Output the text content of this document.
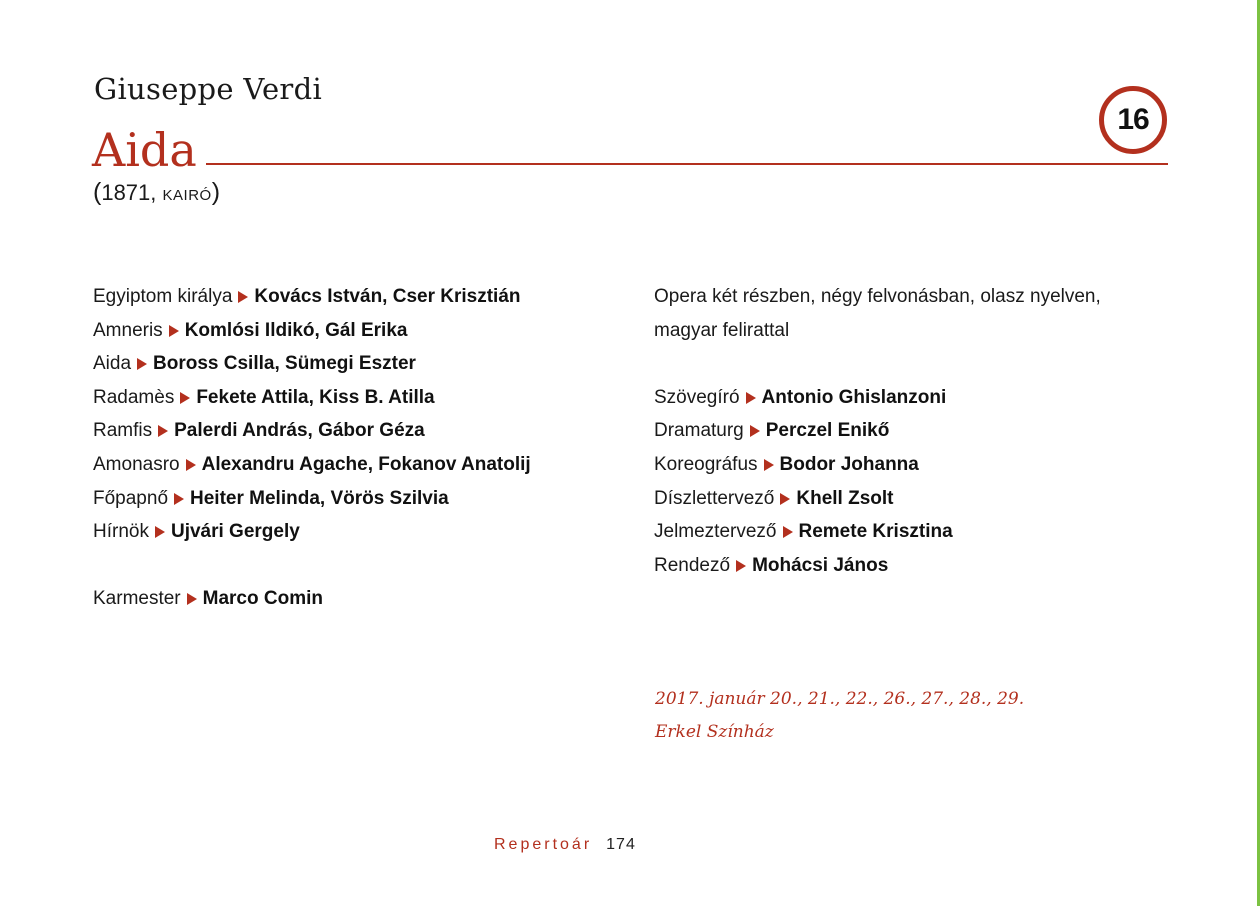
Giuseppe Verdi
Aida
16
(1871, KAIRÓ)
Egyiptom királya Kovács István, Cser Krisztián
Amneris Komlósi Ildikó, Gál Erika
Aida Boross Csilla, Sümegi Eszter
Radamès Fekete Attila, Kiss B. Atilla
Ramfis Palerdi András, Gábor Géza
Amonasro Alexandru Agache, Fokanov Anatolij
Főpapnő Heiter Melinda, Vörös Szilvia
Hírnök Ujvári Gergely
Karmester Marco Comin
Opera két részben, négy felvonásban, olasz nyelven,
magyar felirattal
Szövegíró Antonio Ghislanzoni
Dramaturg Perczel Enikő
Koreográfus Bodor Johanna
Díszlettervező Khell Zsolt
Jelmeztervező Remete Krisztina
Rendező Mohácsi János
2017. január 20., 21., 22., 26., 27., 28., 29.
Erkel Színház
Repertoár 174
